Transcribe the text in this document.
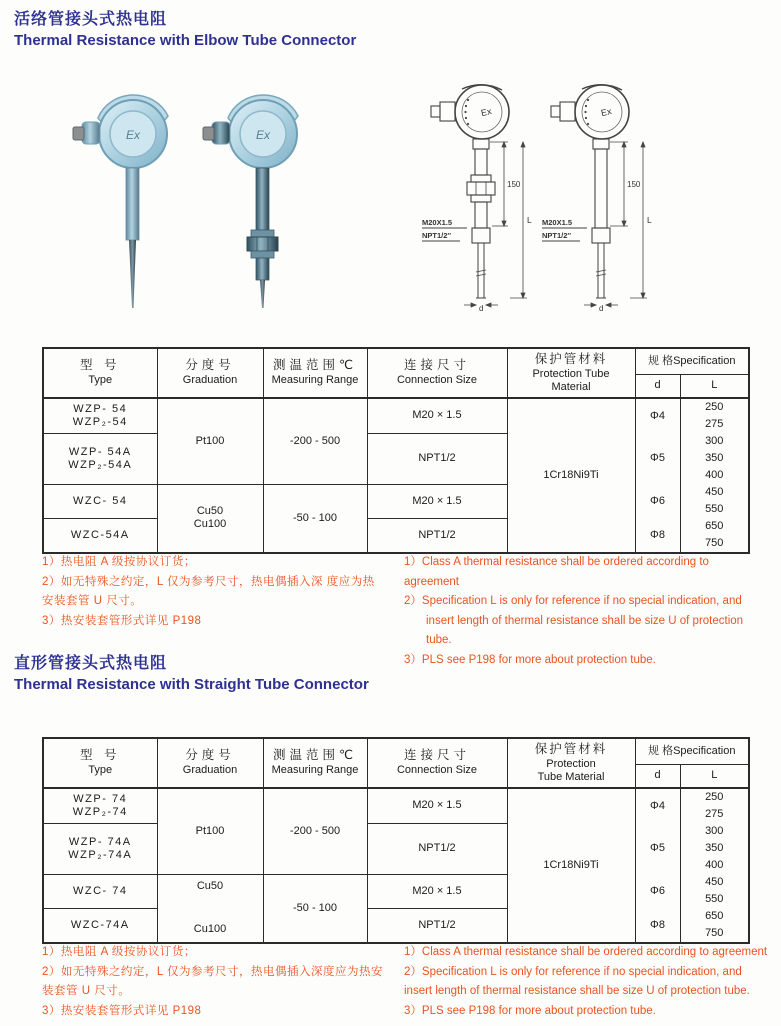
活络管接头式热电阻
Thermal Resistance with Elbow Tube Connector
Ex	Ex
Ex
150
L
M20X1.5
NPT1/2′′
d
Ex
150
L
M20X1.5
NPT1/2′′
d
型 号
Type

分度号
Graduation

测温范围℃
Measuring Range

连接尺寸
Connection Size

保护管材料
Protection Tube
Material
	规 格Specification
					d	L

WZP- 54
WZP₂-54	Pt100	-200 - 500	M20 × 1.5	1Cr18Ni9Ti	Φ4	250
						275

WZP- 54A
WZP₂-54A			NPT1/2		Φ5	300
						350
						400

WZC- 54	Cu50
Cu100	-50 - 100	M20 × 1.5		Φ6	450
						550

WZC-54A			NPT1/2		Φ8	650
						750
1）热电阻 A 级按协议订货；
2）如无特殊之约定，L 仅为参考尺寸，热电偶插入深 度应为热
安装套管 U 尺寸。
3）热安装套管形式详见 P198
1）Class A thermal resistance shall be ordered according to agreement
2）Specification L is only for reference if no special indication, and
insert length of thermal resistance shall be size U of protection tube.
3）PLS see P198 for more about protection tube.
直形管接头式热电阻
Thermal Resistance with Straight Tube Connector
型 号
Type

分度号
Graduation

测温范围℃
Measuring Range

连接尺寸
Connection Size

保护管材料
Protection
Tube Material
	规 格Specification
					d	L

WZP- 74
WZP₂-74	Pt100	-200 - 500	M20 × 1.5	1Cr18Ni9Ti	Φ4	250
						275

WZP- 74A
WZP₂-74A			NPT1/2		Φ5	300
						350
						400

WZC- 74	Cu50
Cu100	-50 - 100	M20 × 1.5		Φ6	450
						550

WZC-74A			NPT1/2		Φ8	650
						750
1）热电阻 A 级按协议订货；
2）如无特殊之约定，L 仅为参考尺寸，热电偶插入深度应为热安
装套管 U 尺寸。
3）热安装套管形式详见 P198
1）Class A thermal resistance shall be ordered according to agreement
2）Specification L is only for reference if no special indication, and
insert length of thermal resistance shall be size U of protection tube.
3）PLS see P198 for more about protection tube.
